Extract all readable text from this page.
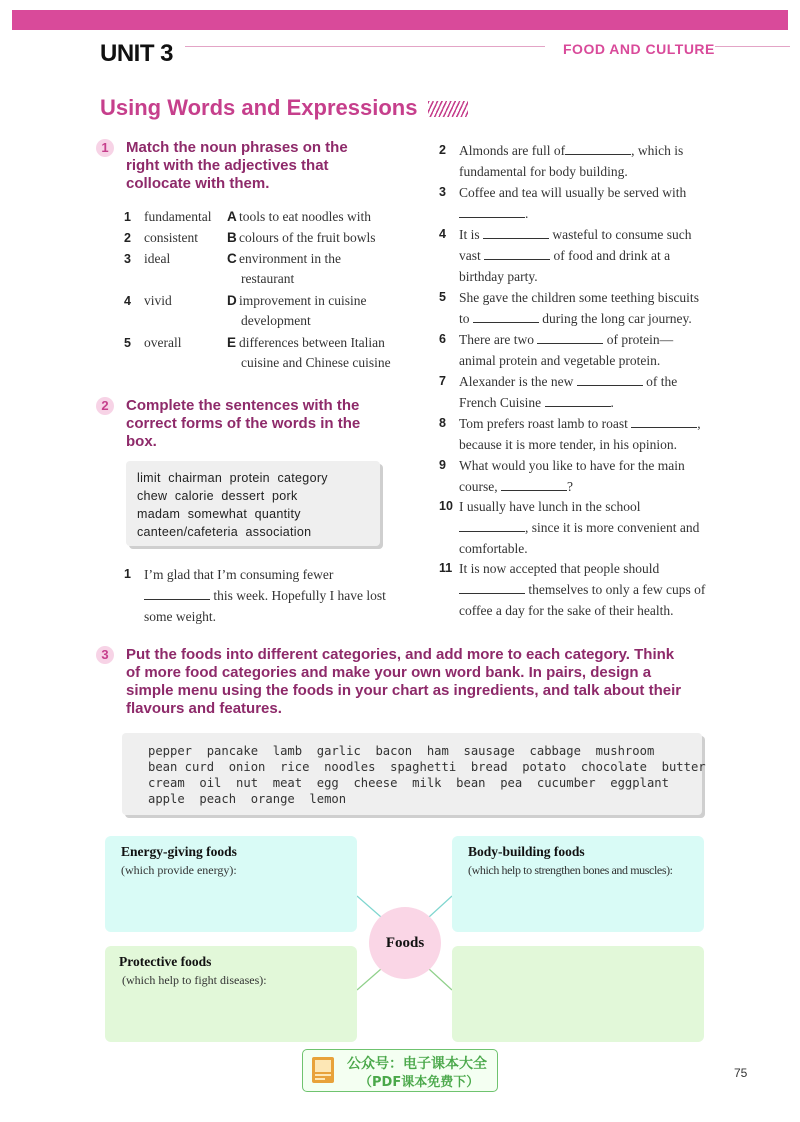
UNIT 3	FOOD AND CULTURE
Using Words and Expressions
1	Match the noun phrases on the
right with the adjectives that
collocate with them.
1 fundamental A tools to eat noodles with
2 consistent B colours of the fruit bowls
3 ideal	C environment in the
restaurant
4 vivid	D improvement in cuisine
development
5 overall	E differences between Italian
cuisine and Chinese cuisine
2	Complete the sentences with the
correct forms of the words in the
box.
limit  chairman  protein  category
chew  calorie  dessert  pork
madam  somewhat  quantity
canteen/cafeteria  association
1 I’m glad that I’m consuming fewer
this week. Hopefully I have lost
some weight.
2 Almonds are full of	, which is
fundamental for body building.
3 Coffee and tea will usually be served with
.
4 It is	wasteful to consume such
vast	of food and drink at a
birthday party.
5 She gave the children some teething biscuits
to	during the long car journey.
6 There are two	of protein—
animal protein and vegetable protein.
7 Alexander is the new	of the
French Cuisine	.
8 Tom prefers roast lamb to roast	,
because it is more tender, in his opinion.
9 What would you like to have for the main
course,	?
10 I usually have lunch in the school
, since it is more convenient and
comfortable.
11 It is now accepted that people should
themselves to only a few cups of
coffee a day for the sake of their health.
3	Put the foods into different categories, and add more to each category. Think
of more food categories and make your own word bank. In pairs, design a
simple menu using the foods in your chart as ingredients, and talk about their
flavours and features.
pepper  pancake  lamb  garlic  bacon  ham  sausage  cabbage  mushroom
bean curd  onion  rice  noodles  spaghetti  bread  potato  chocolate  butter
cream  oil  nut  meat  egg  cheese  milk  bean  pea  cucumber  eggplant
apple  peach  orange  lemon
Energy-giving foods
(which provide energy):
Body-building foods
(which help to strengthen bones and muscles):
Protective foods
(which help to fight diseases):
Foods
公众号：电子课本大全
（PDF课本免费下）
75
